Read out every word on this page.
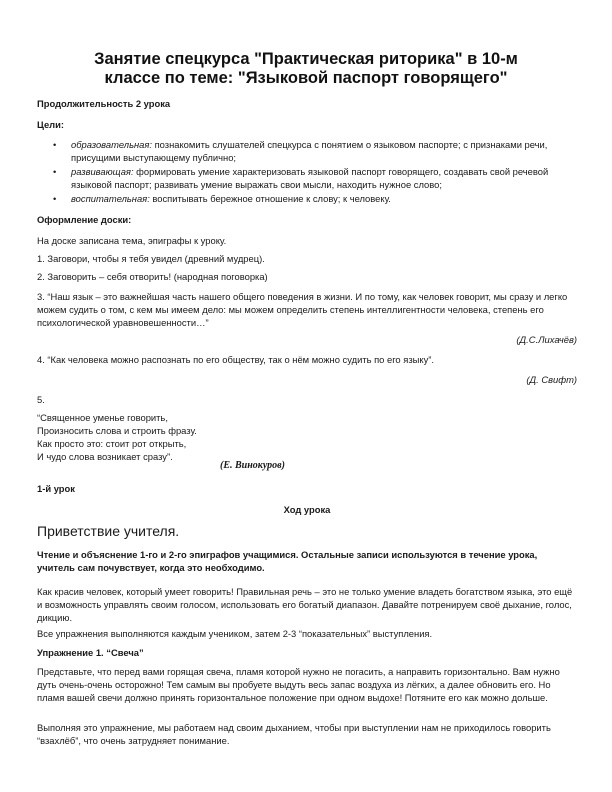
Занятие спецкурса "Практическая риторика" в 10-м
классе по теме: "Языковой паспорт говорящего"
Продолжительность 2 урока
Цели:
• образовательная: познакомить слушателей спецкурса с понятием о языковом паспорте; с признаками речи, присущими выступающему публично;
• развивающая: формировать умение характеризовать языковой паспорт говорящего, создавать свой речевой языковой паспорт; развивать умение выражать свои мысли, находить нужное слово;
• воспитательная: воспитывать бережное отношение к слову; к человеку.
Оформление доски:
На доске записана тема, эпиграфы к уроку.
1. Заговори, чтобы я тебя увидел (древний мудрец).
2. Заговорить – себя отворить! (народная поговорка)
3. “Наш язык – это важнейшая часть нашего общего поведения в жизни. И по тому, как человек говорит, мы сразу и легко можем судить о том, с кем мы имеем дело: мы можем определить степень интеллигентности человека, степень его психологической уравновешенности…”
(Д.С.Лихачёв)
4. “Как человека можно распознать по его обществу, так о нём можно судить по его языку”.
(Д. Свифт)
5.
“Священное уменье говорить,
Произносить слова и строить фразу.
Как просто это: стоит рот открыть,
И чудо слова возникает сразу”.
(Е. Винокуров)
1-й урок
Ход урока
Приветствие учителя.
Чтение и объяснение 1-го и 2-го эпиграфов учащимися. Остальные записи используются в течение урока, учитель сам почувствует, когда это необходимо.
Как красив человек, который умеет говорить! Правильная речь – это не только умение владеть богатством языка, это ещё и возможность управлять своим голосом, использовать его богатый диапазон. Давайте потренируем своё дыхание, голос, дикцию.
Все упражнения выполняются каждым учеником, затем 2-3 “показательных” выступления.
Упражнение 1. “Свеча”
Представьте, что перед вами горящая свеча, пламя которой нужно не погасить, а направить горизонтально. Вам нужно дуть очень-очень осторожно! Тем самым вы пробуете выдуть весь запас воздуха из лёгких, а далее обновить его. Но пламя вашей свечи должно принять горизонтальное положение при одном выдохе! Потяните его как можно дольше.
Выполняя это упражнение, мы работаем над своим дыханием, чтобы при выступлении нам не приходилось говорить “взахлёб”, что очень затрудняет понимание.
